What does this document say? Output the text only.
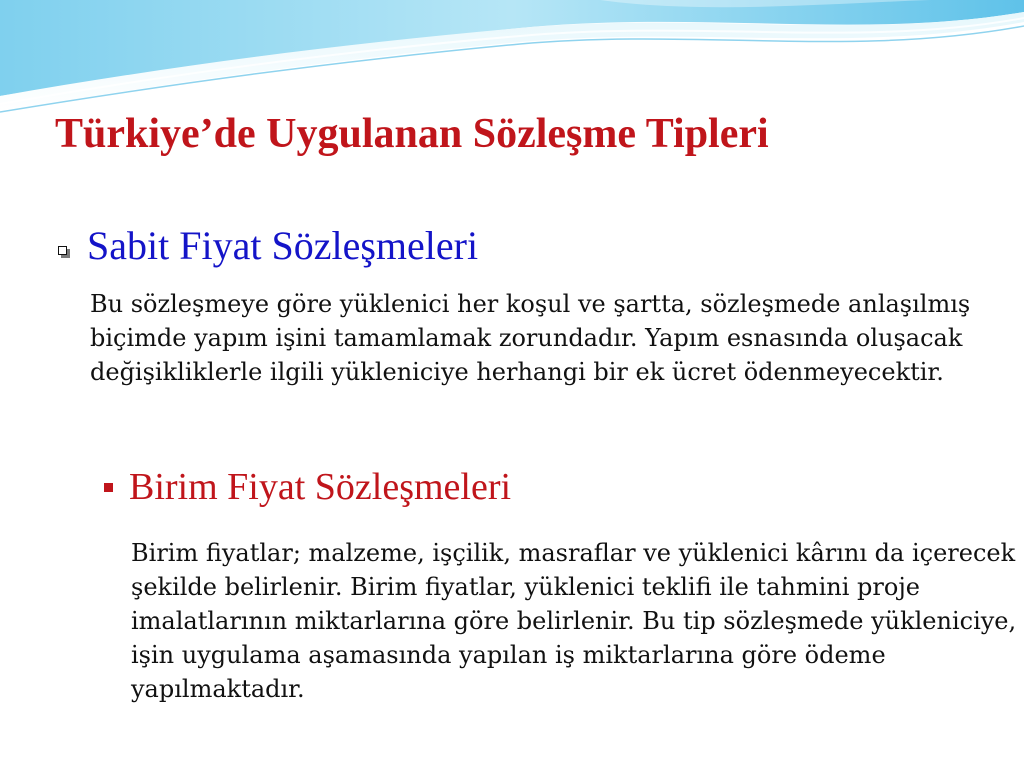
Türkiye’de Uygulanan Sözleşme Tipleri
Sabit Fiyat Sözleşmeleri

Bu sözleşmeye göre yüklenici her koşul ve şartta, sözleşmede anlaşılmış biçimde yapım işini tamamlamak zorundadır. Yapım esnasında oluşacak değişikliklerle ilgili yükleniciye herhangi bir ek ücret ödenmeyecektir.

Birim Fiyat Sözleşmeleri

Birim fiyatlar; malzeme, işçilik, masraflar ve yüklenici kârını da içerecek şekilde belirlenir. Birim fiyatlar, yüklenici teklifi ile tahmini proje imalatlarının miktarlarına göre belirlenir. Bu tip sözleşmede yükleniciye, işin uygulama aşamasında yapılan iş miktarlarına göre ödeme yapılmaktadır.
